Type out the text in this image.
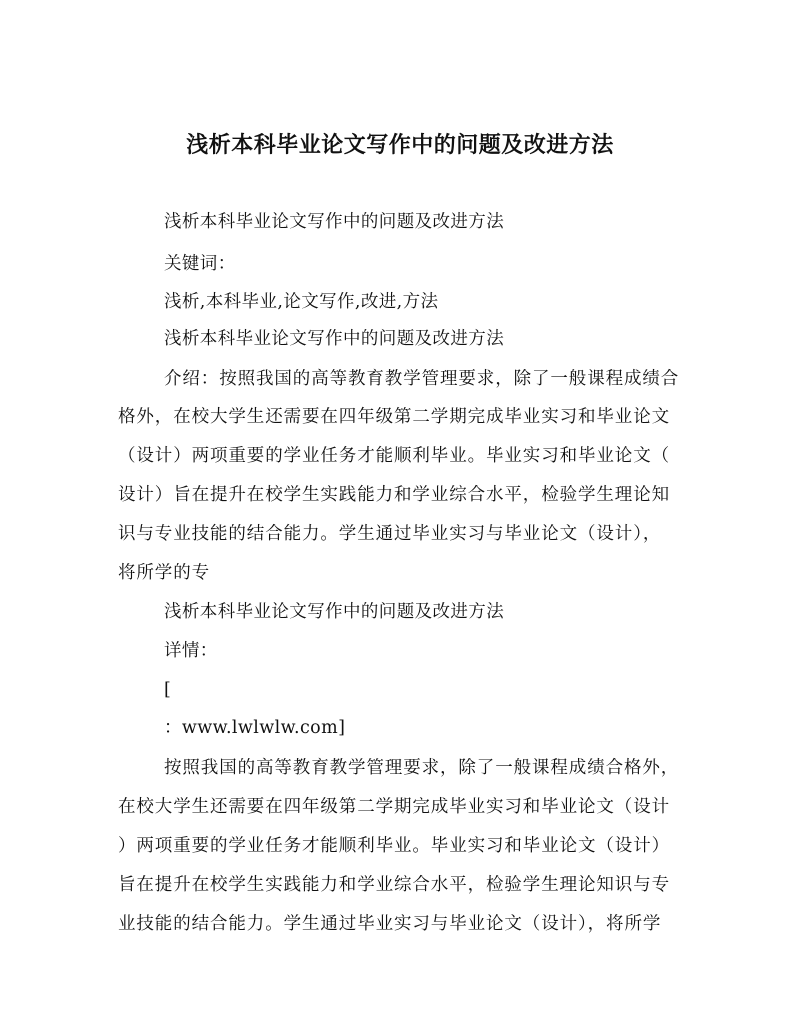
浅析本科毕业论文写作中的问题及改进方法
浅析本科毕业论文写作中的问题及改进方法
关键词：
浅析,本科毕业,论文写作,改进,方法
浅析本科毕业论文写作中的问题及改进方法
介绍：按照我国的高等教育教学管理要求，除了一般课程成绩合
格外，在校大学生还需要在四年级第二学期完成毕业实习和毕业论文
（设计）两项重要的学业任务才能顺利毕业。毕业实习和毕业论文（
设计）旨在提升在校学生实践能力和学业综合水平，检验学生理论知
识与专业技能的结合能力。学生通过毕业实习与毕业论文（设计），
将所学的专
浅析本科毕业论文写作中的问题及改进方法
详情：
[
：www.lwlwlw.com]
按照我国的高等教育教学管理要求，除了一般课程成绩合格外，
在校大学生还需要在四年级第二学期完成毕业实习和毕业论文（设计
）两项重要的学业任务才能顺利毕业。毕业实习和毕业论文（设计）
旨在提升在校学生实践能力和学业综合水平，检验学生理论知识与专
业技能的结合能力。学生通过毕业实习与毕业论文（设计），将所学
